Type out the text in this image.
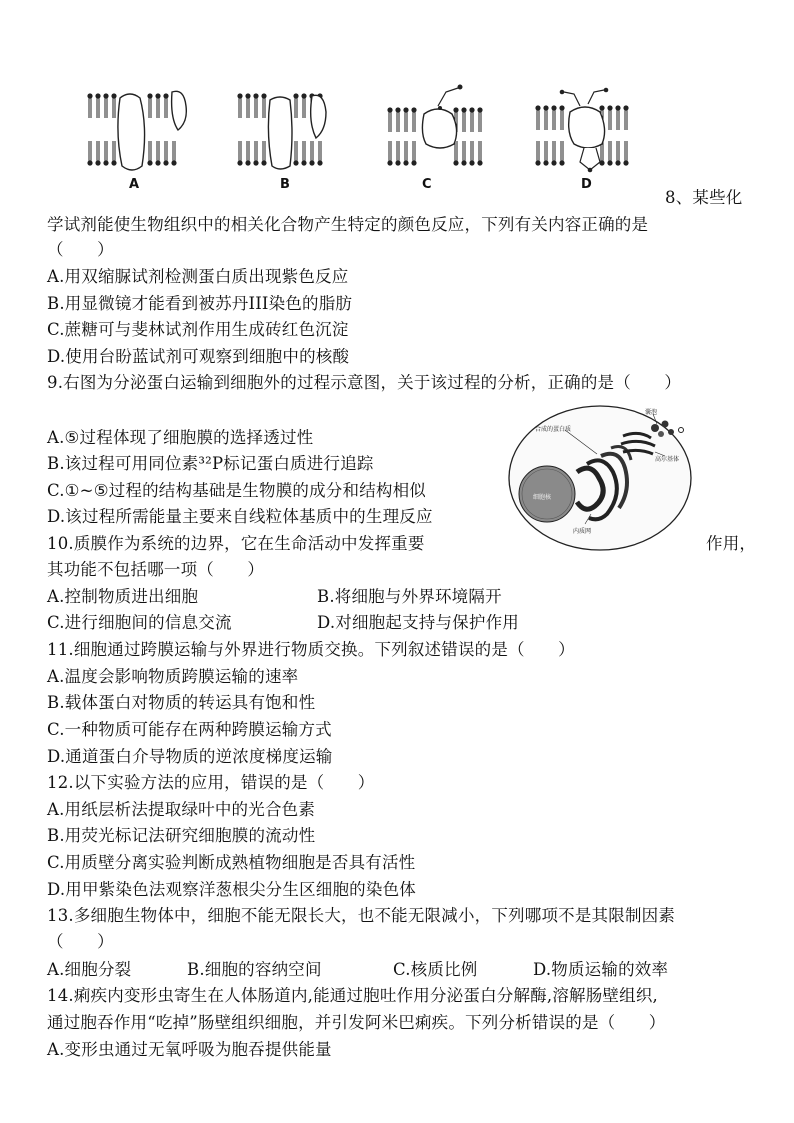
A	B	C	D
8、某些化
学试剂能使生物组织中的相关化合物产生特定的颜色反应，下列有关内容正确的是
（　　）
A.用双缩脲试剂检测蛋白质出现紫色反应
B.用显微镜才能看到被苏丹III染色的脂肪
C.蔗糖可与斐林试剂作用生成砖红色沉淀
D.使用台盼蓝试剂可观察到细胞中的核酸
9.右图为分泌蛋白运输到细胞外的过程示意图，关于该过程的分析，正确的是（　　）
A.⑤过程体现了细胞膜的选择透过性
B.该过程可用同位素³²P标记蛋白质进行追踪
C.①~⑤过程的结构基础是生物膜的成分和结构相似
D.该过程所需能量主要来自线粒体基质中的生理反应
合成的蛋白质
囊泡
高尔基体
细胞核
内质网
10.质膜作为系统的边界，它在生命活动中发挥重要	作用，
其功能不包括哪一项（　　）
A.控制物质进出细胞	B.将细胞与外界环境隔开
C.进行细胞间的信息交流	D.对细胞起支持与保护作用
11.细胞通过跨膜运输与外界进行物质交换。下列叙述错误的是（　　）
A.温度会影响物质跨膜运输的速率
B.载体蛋白对物质的转运具有饱和性
C.一种物质可能存在两种跨膜运输方式
D.通道蛋白介导物质的逆浓度梯度运输
12.以下实验方法的应用，错误的是（　　）
A.用纸层析法提取绿叶中的光合色素
B.用荧光标记法研究细胞膜的流动性
C.用质壁分离实验判断成熟植物细胞是否具有活性
D.用甲紫染色法观察洋葱根尖分生区细胞的染色体
13.多细胞生物体中，细胞不能无限长大，也不能无限减小，下列哪项不是其限制因素
（　　）
A.细胞分裂	B.细胞的容纳空间	C.核质比例	D.物质运输的效率
14.痢疾内变形虫寄生在人体肠道内,能通过胞吐作用分泌蛋白分解酶,溶解肠壁组织,
通过胞吞作用“吃掉”肠壁组织细胞，并引发阿米巴痢疾。下列分析错误的是（　　）
A.变形虫通过无氧呼吸为胞吞提供能量
